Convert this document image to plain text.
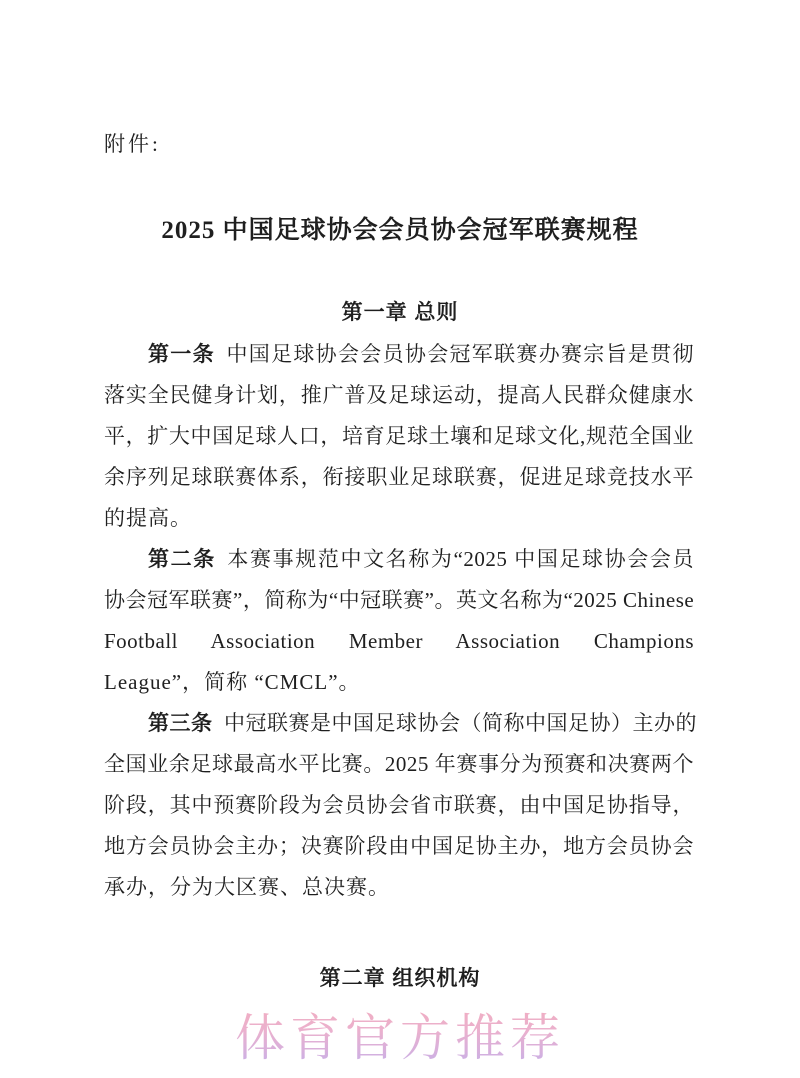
附件:
2025 中国足球协会会员协会冠军联赛规程
第一章 总则
第一条 中国足球协会会员协会冠军联赛办赛宗旨是贯彻
落实全民健身计划，推广普及足球运动，提高人民群众健康水
平，扩大中国足球人口，培育足球土壤和足球文化,规范全国业
余序列足球联赛体系，衔接职业足球联赛，促进足球竞技水平
的提高。
第二条 本赛事规范中文名称为“2025 中国足球协会会员
协会冠军联赛”，简称为“中冠联赛”。英文名称为“2025 Chinese
Football Association Member Association Champions
League”，简称 “CMCL”。
第三条 中冠联赛是中国足球协会（简称中国足协）主办的
全国业余足球最高水平比赛。2025 年赛事分为预赛和决赛两个
阶段，其中预赛阶段为会员协会省市联赛，由中国足协指导，
地方会员协会主办；决赛阶段由中国足协主办，地方会员协会
承办，分为大区赛、总决赛。
第二章 组织机构
体育官方推荐
